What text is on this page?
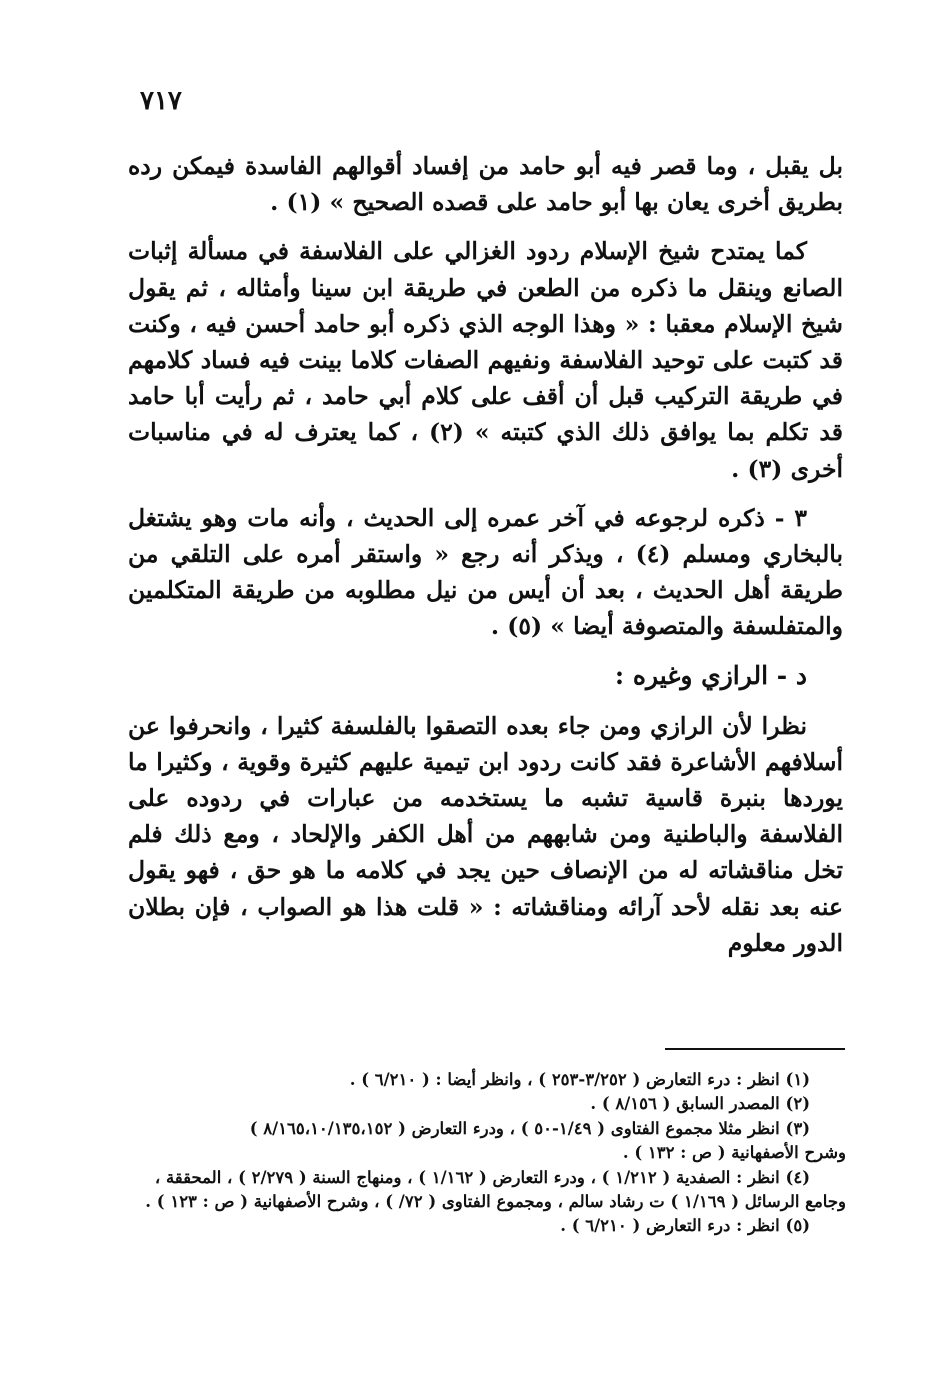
٧١٧

بل يقبل ، وما قصر فيه أبو حامد من إفساد أقوالهم الفاسدة فيمكن رده بطريق أخرى يعان بها أبو حامد على قصده الصحيح » (١) .

كما يمتدح شيخ الإسلام ردود الغزالي على الفلاسفة في مسألة إثبات الصانع وينقل ما ذكره من الطعن في طريقة ابن سينا وأمثاله ، ثم يقول شيخ الإسلام معقبا : « وهذا الوجه الذي ذكره أبو حامد أحسن فيه ، وكنت قد كتبت على توحيد الفلاسفة ونفيهم الصفات كلاما بينت فيه فساد كلامهم في طريقة التركيب قبل أن أقف على كلام أبي حامد ، ثم رأيت أبا حامد قد تكلم بما يوافق ذلك الذي كتبته » (٢) ، كما يعترف له في مناسبات أخرى (٣) .

٣ - ذكره لرجوعه في آخر عمره إلى الحديث ، وأنه مات وهو يشتغل بالبخاري ومسلم (٤) ، ويذكر أنه رجع « واستقر أمره على التلقي من طريقة أهل الحديث ، بعد أن أيس من نيل مطلوبه من طريقة المتكلمين والمتفلسفة والمتصوفة أيضا » (٥) .

د - الرازي وغيره :

نظرا لأن الرازي ومن جاء بعده التصقوا بالفلسفة كثيرا ، وانحرفوا عن أسلافهم الأشاعرة فقد كانت ردود ابن تيمية عليهم كثيرة وقوية ، وكثيرا ما يوردها بنبرة قاسية تشبه ما يستخدمه من عبارات في ردوده على الفلاسفة والباطنية ومن شابههم من أهل الكفر والإلحاد ، ومع ذلك فلم تخل مناقشاته له من الإنصاف حين يجد في كلامه ما هو حق ، فهو يقول عنه بعد نقله لأحد آرائه ومناقشاته : « قلت هذا هو الصواب ، فإن بطلان الدور معلوم

(١) انظر : درء التعارض ( ٣/٢٥٢-٢٥٣ ) ، وانظر أيضا : ( ٦/٢١٠ ) .
(٢) المصدر السابق ( ٨/١٥٦ ) .
(٣) انظر مثلا مجموع الفتاوى ( ١/٤٩-٥٠ ) ، ودرء التعارض ( ٨/١٦٥،١٠/١٣٥،١٥٢ )
وشرح الأصفهانية ( ص : ١٣٢ ) .
(٤) انظر : الصفدية ( ١/٢١٢ ) ، ودرء التعارض ( ١/١٦٢ ) ، ومنهاج السنة ( ٢/٢٧٩ ) ، المحققة ،
وجامع الرسائل ( ١/١٦٩ ) ت رشاد سالم ، ومجموع الفتاوى ( ٧٢/ ) ، وشرح الأصفهانية ( ص : ١٢٣ ) .
(٥) انظر : درء التعارض ( ٦/٢١٠ ) .
